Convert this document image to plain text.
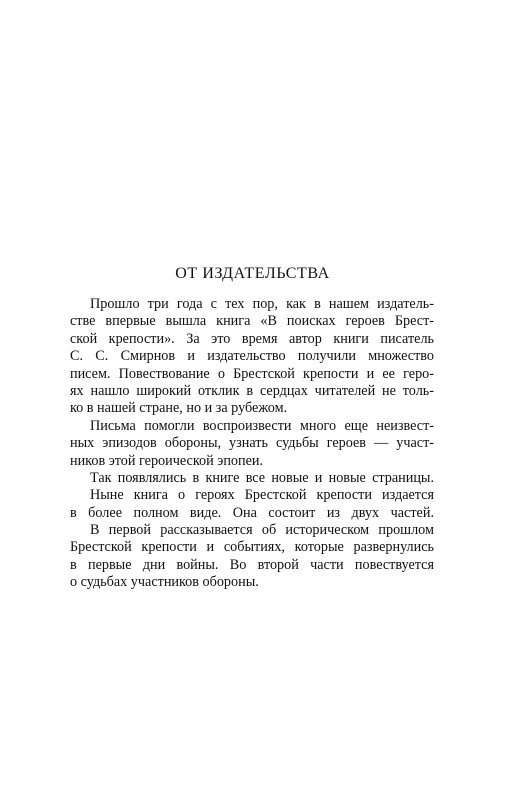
ОТ ИЗДАТЕЛЬСТВА
Прошло три года с тех пор, как в нашем издатель-
стве впервые вышла книга «В поисках героев Брест-
ской крепости». За это время автор книги писатель
С. С. Смирнов и издательство получили множество
писем. Повествование о Брестской крепости и ее геро-
ях нашло широкий отклик в сердцах читателей не толь-
ко в нашей стране, но и за рубежом.
Письма помогли воспроизвести много еще неизвест-
ных эпизодов обороны, узнать судьбы героев — участ-
ников этой героической эпопеи.
Так появлялись в книге все новые и новые страницы.
Ныне книга о героях Брестской крепости издается
в более полном виде. Она состоит из двух частей.
В первой рассказывается об историческом прошлом
Брестской крепости и событиях, которые развернулись
в первые дни войны. Во второй части повествуется
о судьбах участников обороны.
